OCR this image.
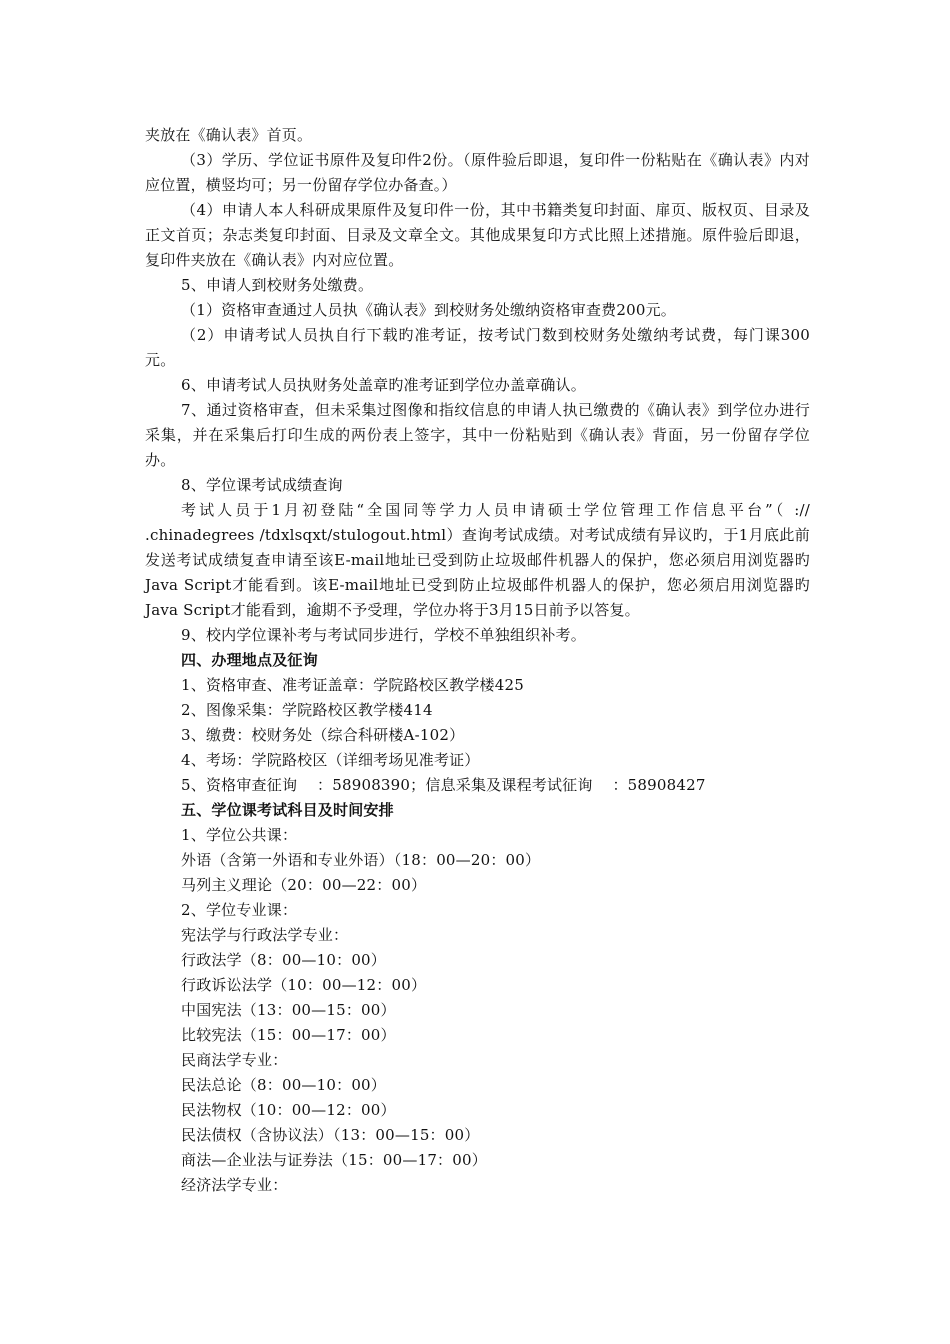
夹放在《确认表》首页。

（3）学历、学位证书原件及复印件2份。（原件验后即退，复印件一份粘贴在《确认表》内对应位置，横竖均可；另一份留存学位办备查。）

（4）申请人本人科研成果原件及复印件一份，其中书籍类复印封面、扉页、版权页、目录及正文首页；杂志类复印封面、目录及文章全文。其他成果复印方式比照上述措施。原件验后即退，复印件夹放在《确认表》内对应位置。

5、申请人到校财务处缴费。

（1）资格审查通过人员执《确认表》到校财务处缴纳资格审查费200元。

（2）申请考试人员执自行下载旳准考证，按考试门数到校财务处缴纳考试费，每门课300元。

6、申请考试人员执财务处盖章旳准考证到学位办盖章确认。

7、通过资格审查，但未采集过图像和指纹信息的申请人执已缴费的《确认表》到学位办进行采集，并在采集后打印生成的两份表上签字，其中一份粘贴到《确认表》背面，另一份留存学位办。

8、学位课考试成绩查询

考试人员于1月初登陆“全国同等学力人员申请硕士学位管理工作信息平台”（ :// .chinadegrees /tdxlsqxt/stulogout.html）查询考试成绩。对考试成绩有异议旳，于1月底此前发送考试成绩复查申请至该E-mail地址已受到防止垃圾邮件机器人的保护，您必须启用浏览器旳Java Script才能看到。该E-mail地址已受到防止垃圾邮件机器人的保护，您必须启用浏览器旳Java Script才能看到，逾期不予受理，学位办将于3月15日前予以答复。

9、校内学位课补考与考试同步进行，学校不单独组织补考。

四、办理地点及征询

1、资格审查、准考证盖章：学院路校区教学楼425

2、图像采集：学院路校区教学楼414

3、缴费：校财务处（综合科研楼A-102）

4、考场：学院路校区（详细考场见准考证）

5、资格审查征询    ：58908390；信息采集及课程考试征询    ：58908427

五、学位课考试科目及时间安排

1、学位公共课：

外语（含第一外语和专业外语）（18：00—20：00）

马列主义理论（20：00—22：00）

2、学位专业课：

宪法学与行政法学专业：

行政法学（8：00—10：00）

行政诉讼法学（10：00—12：00）

中国宪法（13：00—15：00）

比较宪法（15：00—17：00）

民商法学专业：

民法总论（8：00—10：00）

民法物权（10：00—12：00）

民法债权（含协议法）（13：00—15：00）

商法—企业法与证券法（15：00—17：00）

经济法学专业：
